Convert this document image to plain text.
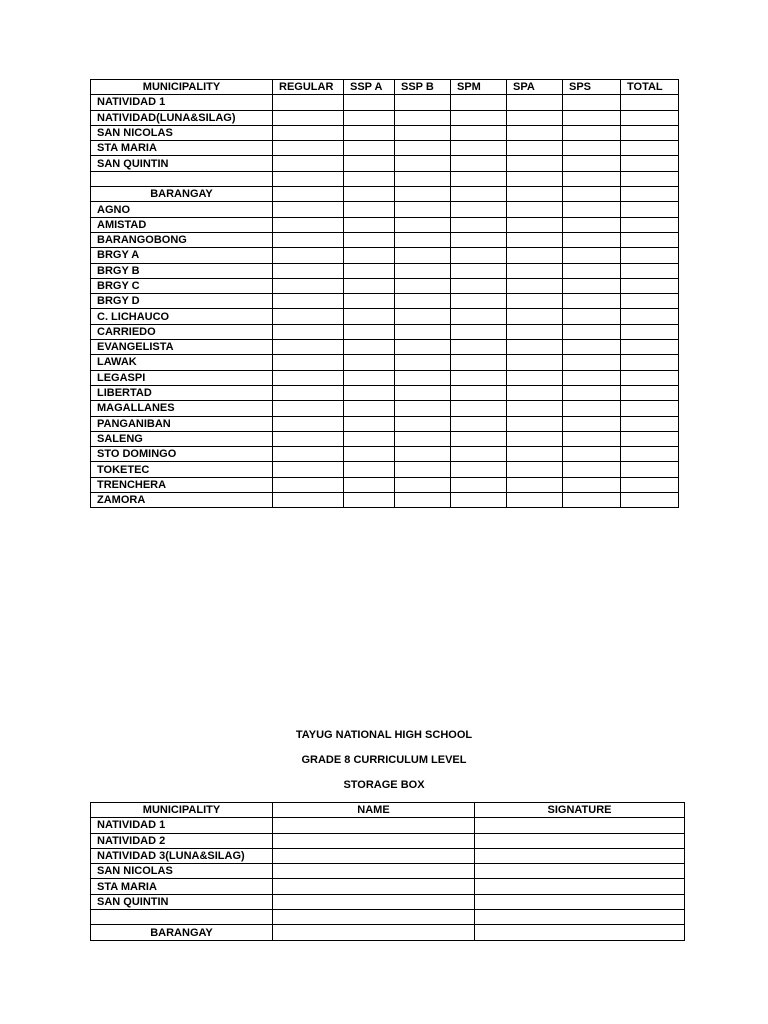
MUNICIPALITY	REGULAR	SSP A	SSP B	SPM	SPA	SPS	TOTAL
NATIVIDAD 1							
NATIVIDAD(LUNA&SILAG)							
SAN NICOLAS							
STA MARIA							
SAN QUINTIN							

BARANGAY							
AGNO							
AMISTAD							
BARANGOBONG							
BRGY A							
BRGY B							
BRGY C							
BRGY D							
C. LICHAUCO							
CARRIEDO							
EVANGELISTA							
LAWAK							
LEGASPI							
LIBERTAD							
MAGALLANES							
PANGANIBAN							
SALENG							
STO DOMINGO							
TOKETEC							
TRENCHERA							
ZAMORA							
TAYUG NATIONAL HIGH SCHOOL
GRADE 8 CURRICULUM LEVEL
STORAGE BOX
MUNICIPALITY	NAME	SIGNATURE
NATIVIDAD 1		
NATIVIDAD 2		
NATIVIDAD 3(LUNA&SILAG)		
SAN NICOLAS		
STA MARIA		
SAN QUINTIN		

BARANGAY		
